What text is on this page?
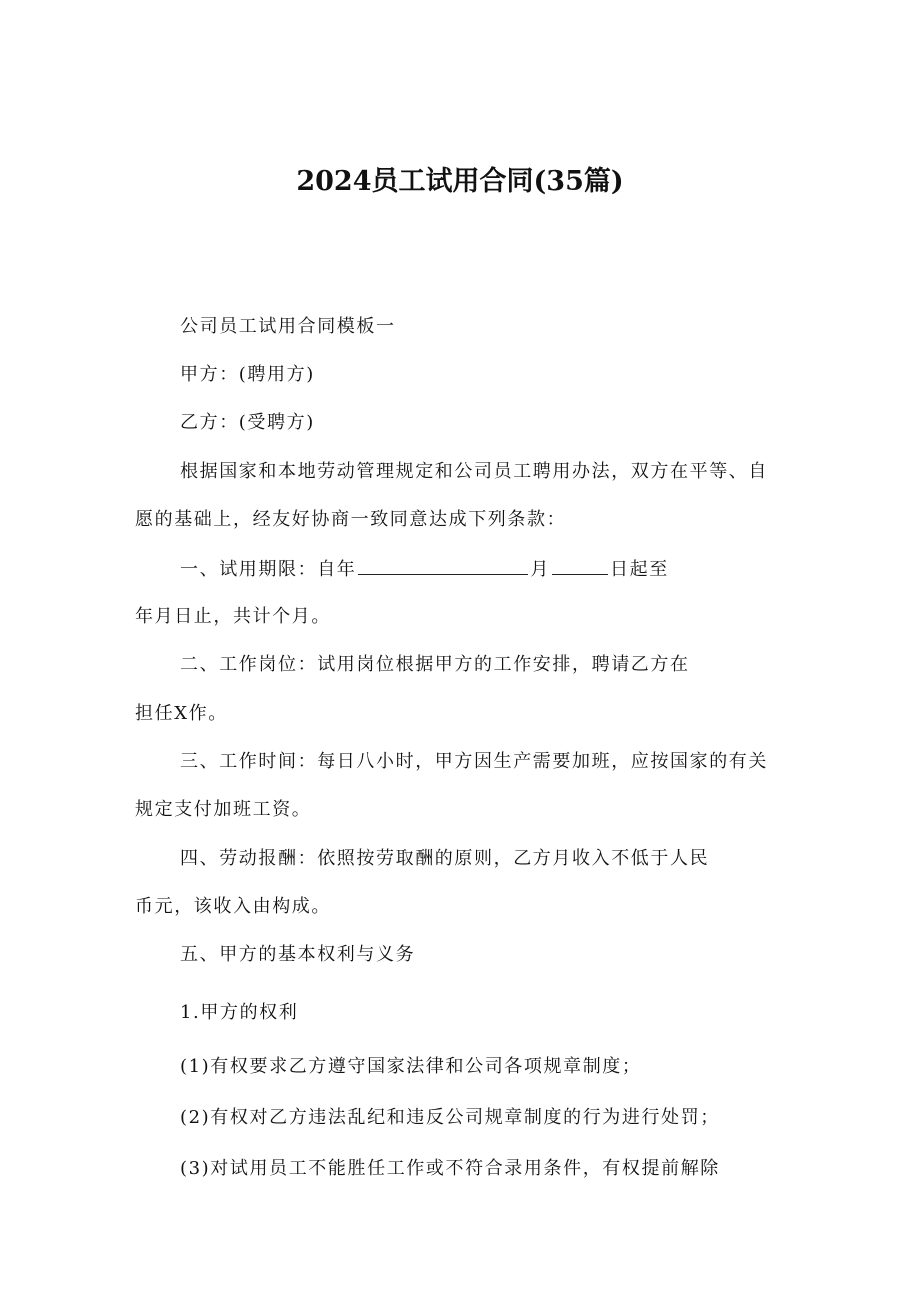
2024员工试用合同(35篇)
公司员工试用合同模板一
甲方：(聘用方)
乙方：(受聘方)
根据国家和本地劳动管理规定和公司员工聘用办法，双方在平等、自
愿的基础上，经友好协商一致同意达成下列条款：
一、试用期限：自年	月	日起至
年月日止，共计个月。
二、工作岗位：试用岗位根据甲方的工作安排，聘请乙方在
担任X作。
三、工作时间：每日八小时，甲方因生产需要加班，应按国家的有关
规定支付加班工资。
四、劳动报酬：依照按劳取酬的原则，乙方月收入不低于人民
币元，该收入由构成。
五、甲方的基本权利与义务
1.甲方的权利
(1)有权要求乙方遵守国家法律和公司各项规章制度；
(2)有权对乙方违法乱纪和违反公司规章制度的行为进行处罚；
(3)对试用员工不能胜任工作或不符合录用条件，有权提前解除
